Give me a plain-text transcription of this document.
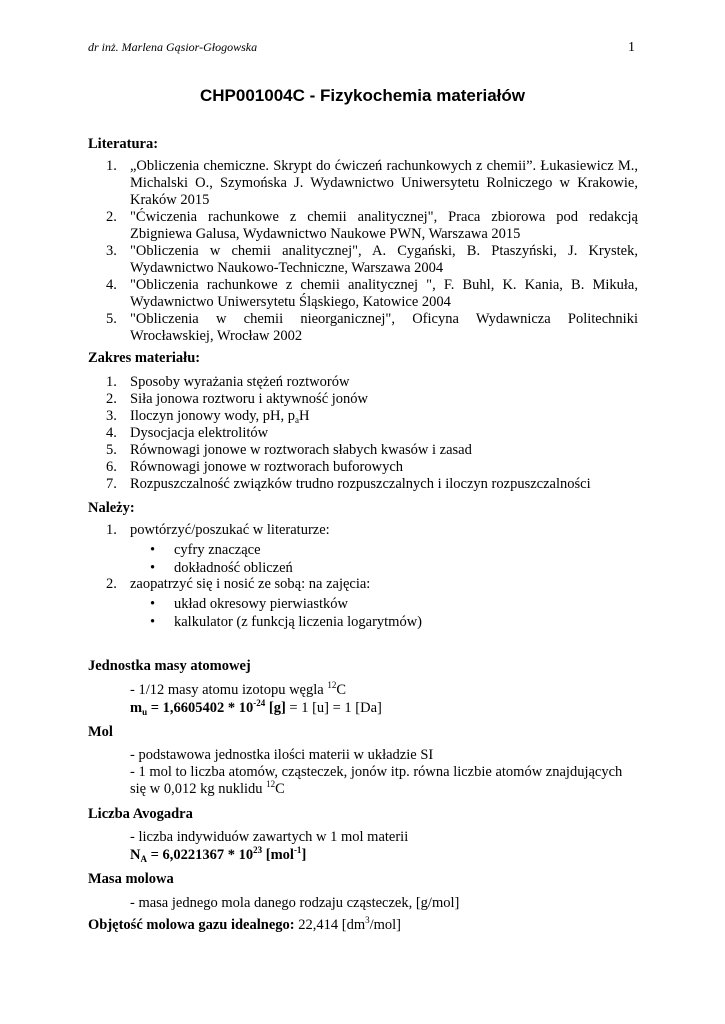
dr inż. Marlena Gąsior-Głogowska	1
CHP001004C - Fizykochemia materiałów
Literatura:
1. „Obliczenia chemiczne. Skrypt do ćwiczeń rachunkowych z chemii”. Łukasiewicz M., Michalski O., Szymońska J. Wydawnictwo Uniwersytetu Rolniczego w Krakowie, Kraków 2015
2. "Ćwiczenia rachunkowe z chemii analitycznej", Praca zbiorowa pod redakcją Zbigniewa Galusa, Wydawnictwo Naukowe PWN, Warszawa 2015
3. "Obliczenia w chemii analitycznej", A. Cygański, B. Ptaszyński, J. Krystek, Wydawnictwo Naukowo-Techniczne, Warszawa 2004
4. "Obliczenia rachunkowe z chemii analitycznej ", F. Buhl, K. Kania, B. Mikuła, Wydawnictwo Uniwersytetu Śląskiego, Katowice 2004
5. "Obliczenia w chemii nieorganicznej", Oficyna Wydawnicza Politechniki Wrocławskiej, Wrocław 2002
Zakres materiału:
1. Sposoby wyrażania stężeń roztworów
2. Siła jonowa roztworu i aktywność jonów
3. Iloczyn jonowy wody, pH, $p_aH$
4. Dysocjacja elektrolitów
5. Równowagi jonowe w roztworach słabych kwasów i zasad
6. Równowagi jonowe w roztworach buforowych
7. Rozpuszczalność związków trudno rozpuszczalnych i iloczyn rozpuszczalności
Należy:
1. powtórzyć/poszukać w literaturze:
•	cyfry znaczące
•	dokładność obliczeń
2. zaopatrzyć się i nosić ze sobą: na zajęcia:
•	układ okresowy pierwiastków
•	kalkulator (z funkcją liczenia logarytmów)
Jednostka masy atomowej
- 1/12 masy atomu izotopu węgla $^{12}$C
$m_u = 1,6605402 * 10^{-24}$ [g] = 1 [u] = 1 [Da]
Mol
- podstawowa jednostka ilości materii w układzie SI
- 1 mol to liczba atomów, cząsteczek, jonów itp. równa liczbie atomów znajdujących
się w 0,012 kg nuklidu $^{12}$C
Liczba Avogadra
- liczba indywiduów zawartych w 1 mol materii
$N_A = 6,0221367 * 10^{23}$ [mol$^{-1}$]
Masa molowa
- masa jednego mola danego rodzaju cząsteczek, [g/mol]
Objętość molowa gazu idealnego: 22,414 $[dm^3/mol]$
